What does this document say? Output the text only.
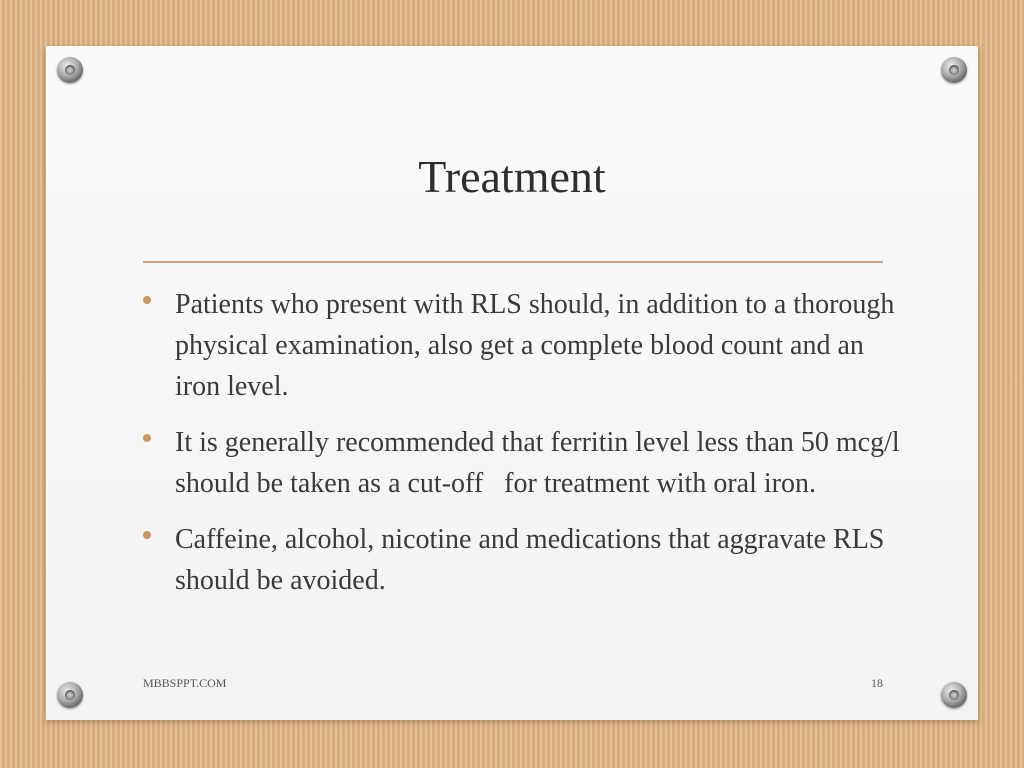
Treatment
Patients who present with RLS should, in addition to a thorough physical examination, also get a complete blood count and an iron level.
It is generally recommended that ferritin level less than 50 mcg/l should be taken as a cut-off   for treatment with oral iron.
Caffeine, alcohol, nicotine and medications that aggravate RLS should be avoided.
MBBSPPT.COM	18
